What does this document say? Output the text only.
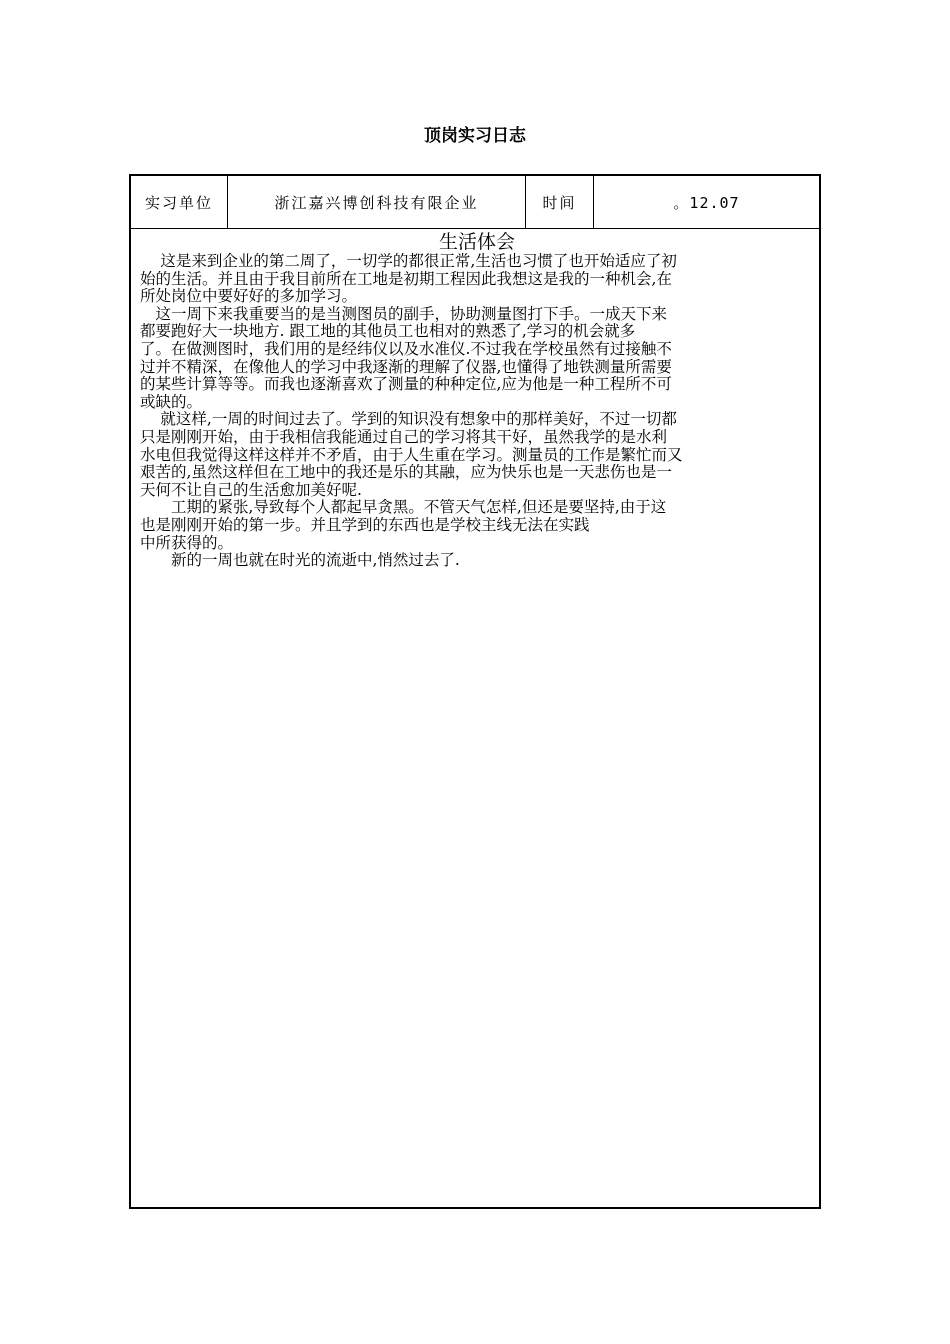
顶岗实习日志
实习单位	浙江嘉兴博创科技有限企业	时间	。12.07
生活体会
　 这是来到企业的第二周了，一切学的都很正常,生活也习惯了也开始适应了初
始的生活。并且由于我目前所在工地是初期工程因此我想这是我的一种机会,在
所处岗位中要好好的多加学习。
　这一周下来我重要当的是当测图员的副手，协助测量图打下手。一成天下来
都要跑好大一块地方. 跟工地的其他员工也相对的熟悉了,学习的机会就多
了。在做测图时，我们用的是经纬仪以及水准仪.不过我在学校虽然有过接触不
过并不精深，在像他人的学习中我逐渐的理解了仪器,也懂得了地铁测量所需要
的某些计算等等。而我也逐渐喜欢了测量的种种定位,应为他是一种工程所不可
或缺的。
　 就这样,一周的时间过去了。学到的知识没有想象中的那样美好，不过一切都
只是刚刚开始，由于我相信我能通过自己的学习将其干好，虽然我学的是水利
水电但我觉得这样这样并不矛盾，由于人生重在学习。测量员的工作是繁忙而又
艰苦的,虽然这样但在工地中的我还是乐的其融，应为快乐也是一天悲伤也是一
天何不让自己的生活愈加美好呢.
　　工期的紧张,导致每个人都起早贪黑。不管天气怎样,但还是要坚持,由于这
也是刚刚开始的第一步。并且学到的东西也是学校主线无法在实践
中所获得的。
　　新的一周也就在时光的流逝中,悄然过去了.
